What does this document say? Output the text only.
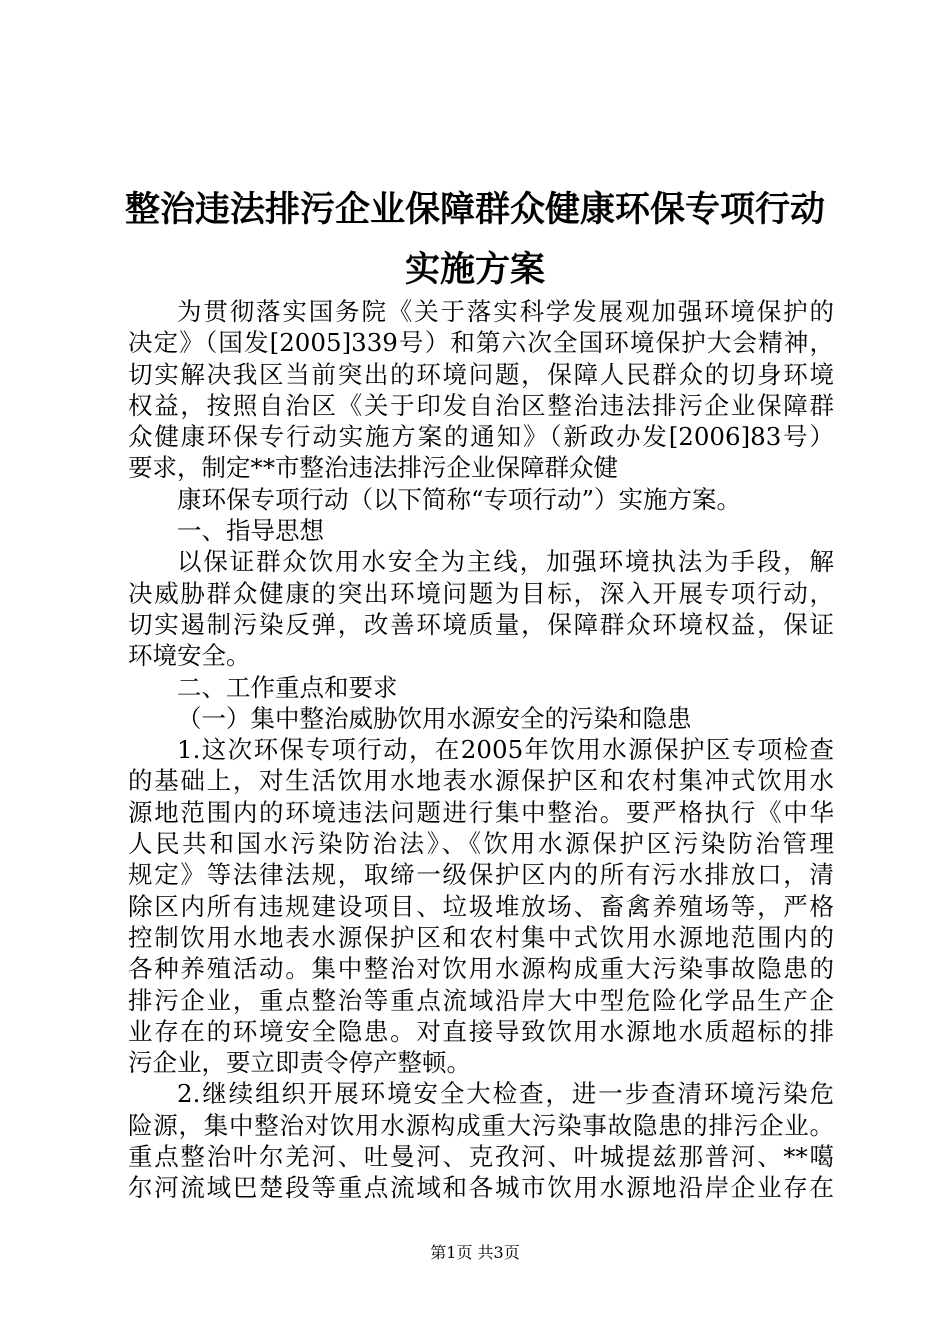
整治违法排污企业保障群众健康环保专项行动
实施方案
为贯彻落实国务院《关于落实科学发展观加强环境保护的
决定》（国发[2005]339号）和第六次全国环境保护大会精神，
切实解决我区当前突出的环境问题，保障人民群众的切身环境
权益，按照自治区《关于印发自治区整治违法排污企业保障群
众健康环保专行动实施方案的通知》（新政办发[2006]83号）
要求，制定**市整治违法排污企业保障群众健
康环保专项行动（以下简称“专项行动”）实施方案。
一、指导思想
以保证群众饮用水安全为主线，加强环境执法为手段，解
决威胁群众健康的突出环境问题为目标，深入开展专项行动，
切实遏制污染反弹，改善环境质量，保障群众环境权益，保证
环境安全。
二、工作重点和要求
（一）集中整治威胁饮用水源安全的污染和隐患
1.这次环保专项行动，在2005年饮用水源保护区专项检查
的基础上，对生活饮用水地表水源保护区和农村集冲式饮用水
源地范围内的环境违法问题进行集中整治。要严格执行《中华
人民共和国水污染防治法》、《饮用水源保护区污染防治管理
规定》等法律法规，取缔一级保护区内的所有污水排放口，清
除区内所有违规建设项目、垃圾堆放场、畜禽养殖场等，严格
控制饮用水地表水源保护区和农村集中式饮用水源地范围内的
各种养殖活动。集中整治对饮用水源构成重大污染事故隐患的
排污企业，重点整治等重点流域沿岸大中型危险化学品生产企
业存在的环境安全隐患。对直接导致饮用水源地水质超标的排
污企业，要立即责令停产整顿。
2.继续组织开展环境安全大检查，进一步查清环境污染危
险源，集中整治对饮用水源构成重大污染事故隐患的排污企业。
重点整治叶尔羌河、吐曼河、克孜河、叶城提兹那普河、**噶
尔河流域巴楚段等重点流域和各城市饮用水源地沿岸企业存在
第1页 共3页
